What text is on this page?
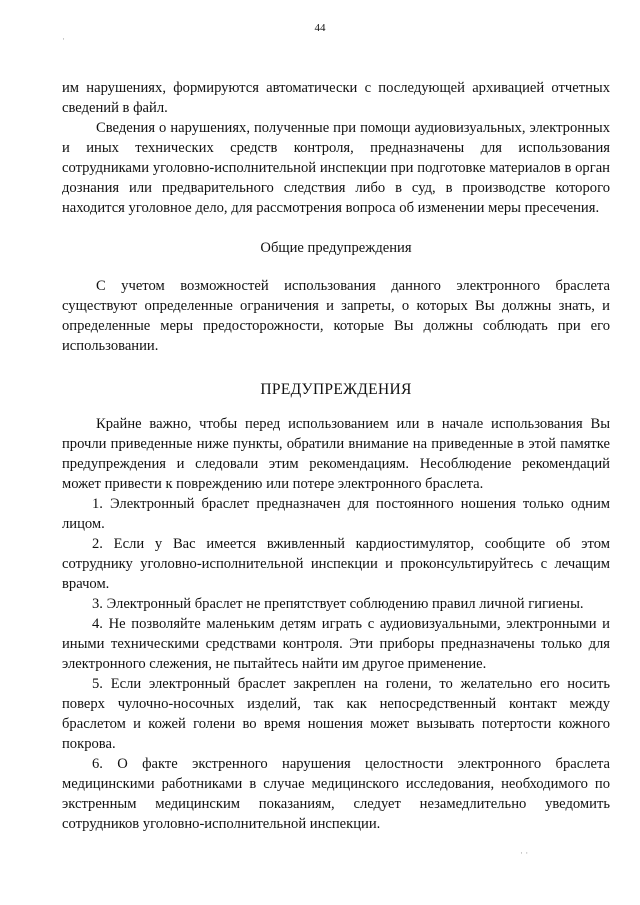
44

им нарушениях, формируются автоматически с последующей архивацией отчетных сведений в файл.

Сведения о нарушениях, полученные при помощи аудиовизуальных, электронных и иных технических средств контроля, предназначены для использования сотрудниками уголовно-исполнительной инспекции при подготовке материалов в орган дознания или предварительного следствия либо в суд, в производстве которого находится уголовное дело, для рассмотрения вопроса об изменении меры пресечения.

Общие предупреждения

С учетом возможностей использования данного электронного браслета существуют определенные ограничения и запреты, о которых Вы должны знать, и определенные меры предосторожности, которые Вы должны соблюдать при его использовании.

ПРЕДУПРЕЖДЕНИЯ

Крайне важно, чтобы перед использованием или в начале использования Вы прочли приведенные ниже пункты, обратили внимание на приведенные в этой памятке предупреждения и следовали этим рекомендациям. Несоблюдение рекомендаций может привести к повреждению или потере электронного браслета.

1. Электронный браслет предназначен для постоянного ношения только одним лицом.

2. Если у Вас имеется вживленный кардиостимулятор, сообщите об этом сотруднику уголовно-исполнительной инспекции и проконсультируйтесь с лечащим врачом.

3. Электронный браслет не препятствует соблюдению правил личной гигиены.

4. Не позволяйте маленьким детям играть с аудиовизуальными, электронными и иными техническими средствами контроля. Эти приборы предназначены только для электронного слежения, не пытайтесь найти им другое применение.

5. Если электронный браслет закреплен на голени, то желательно его носить поверх чулочно-носочных изделий, так как непосредственный контакт между браслетом и кожей голени во время ношения может вызывать потертости кожного покрова.

6. О факте экстренного нарушения целостности электронного браслета медицинскими работниками в случае медицинского исследования, необходимого по экстренным медицинским показаниям, следует незамедлительно уведомить сотрудников уголовно-исполнительной инспекции.

·
· ·
